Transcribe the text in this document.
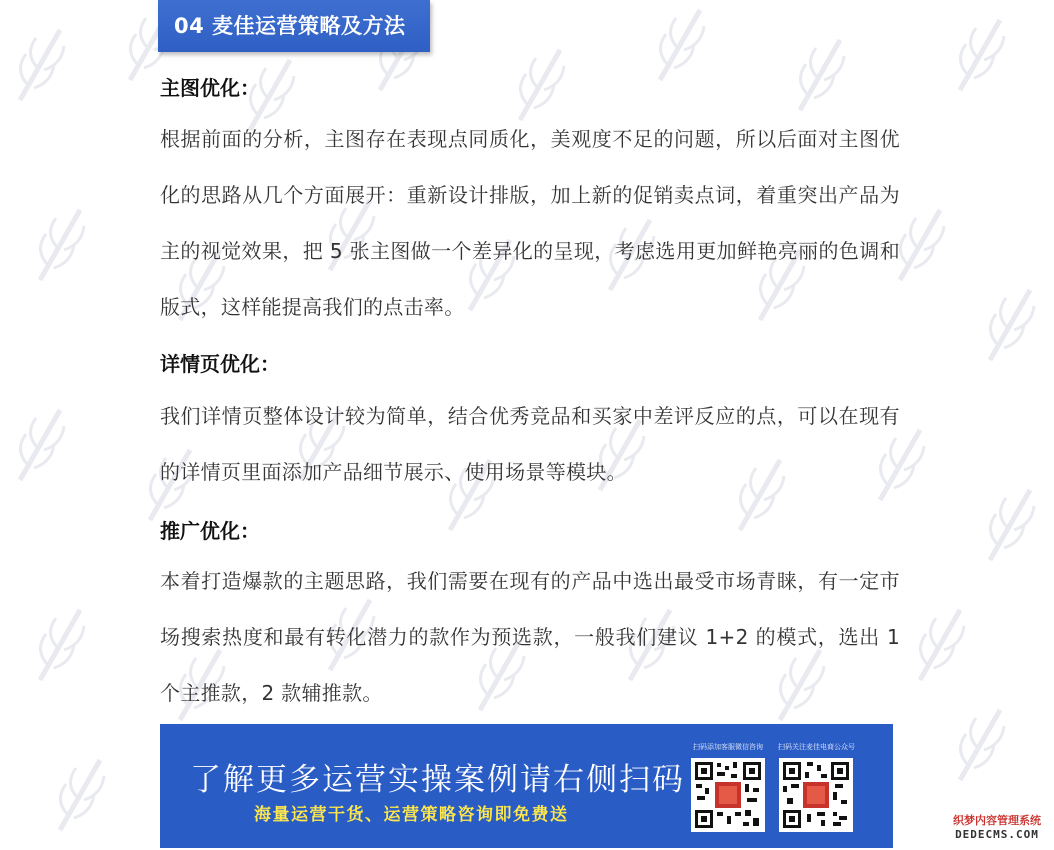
04 麦佳运营策略及方法
主图优化：
根据前面的分析，主图存在表现点同质化，美观度不足的问题，所以后面对主图优化的思路从几个方面展开：重新设计排版，加上新的促销卖点词，着重突出产品为主的视觉效果，把 5 张主图做一个差异化的呈现，考虑选用更加鲜艳亮丽的色调和版式，这样能提高我们的点击率。
详情页优化：
我们详情页整体设计较为简单，结合优秀竞品和买家中差评反应的点，可以在现有的详情页里面添加产品细节展示、使用场景等模块。
推广优化：
本着打造爆款的主题思路，我们需要在现有的产品中选出最受市场青睐，有一定市场搜索热度和最有转化潜力的款作为预选款，一般我们建议 1+2 的模式，选出 1 个主推款，2 款辅推款。
了解更多运营实操案例请右侧扫码
海量运营干货、运营策略咨询即免费送
扫码添加客服微信咨询	扫码关注麦佳电商公众号
织梦内容管理系统
DEDECMS.COM
